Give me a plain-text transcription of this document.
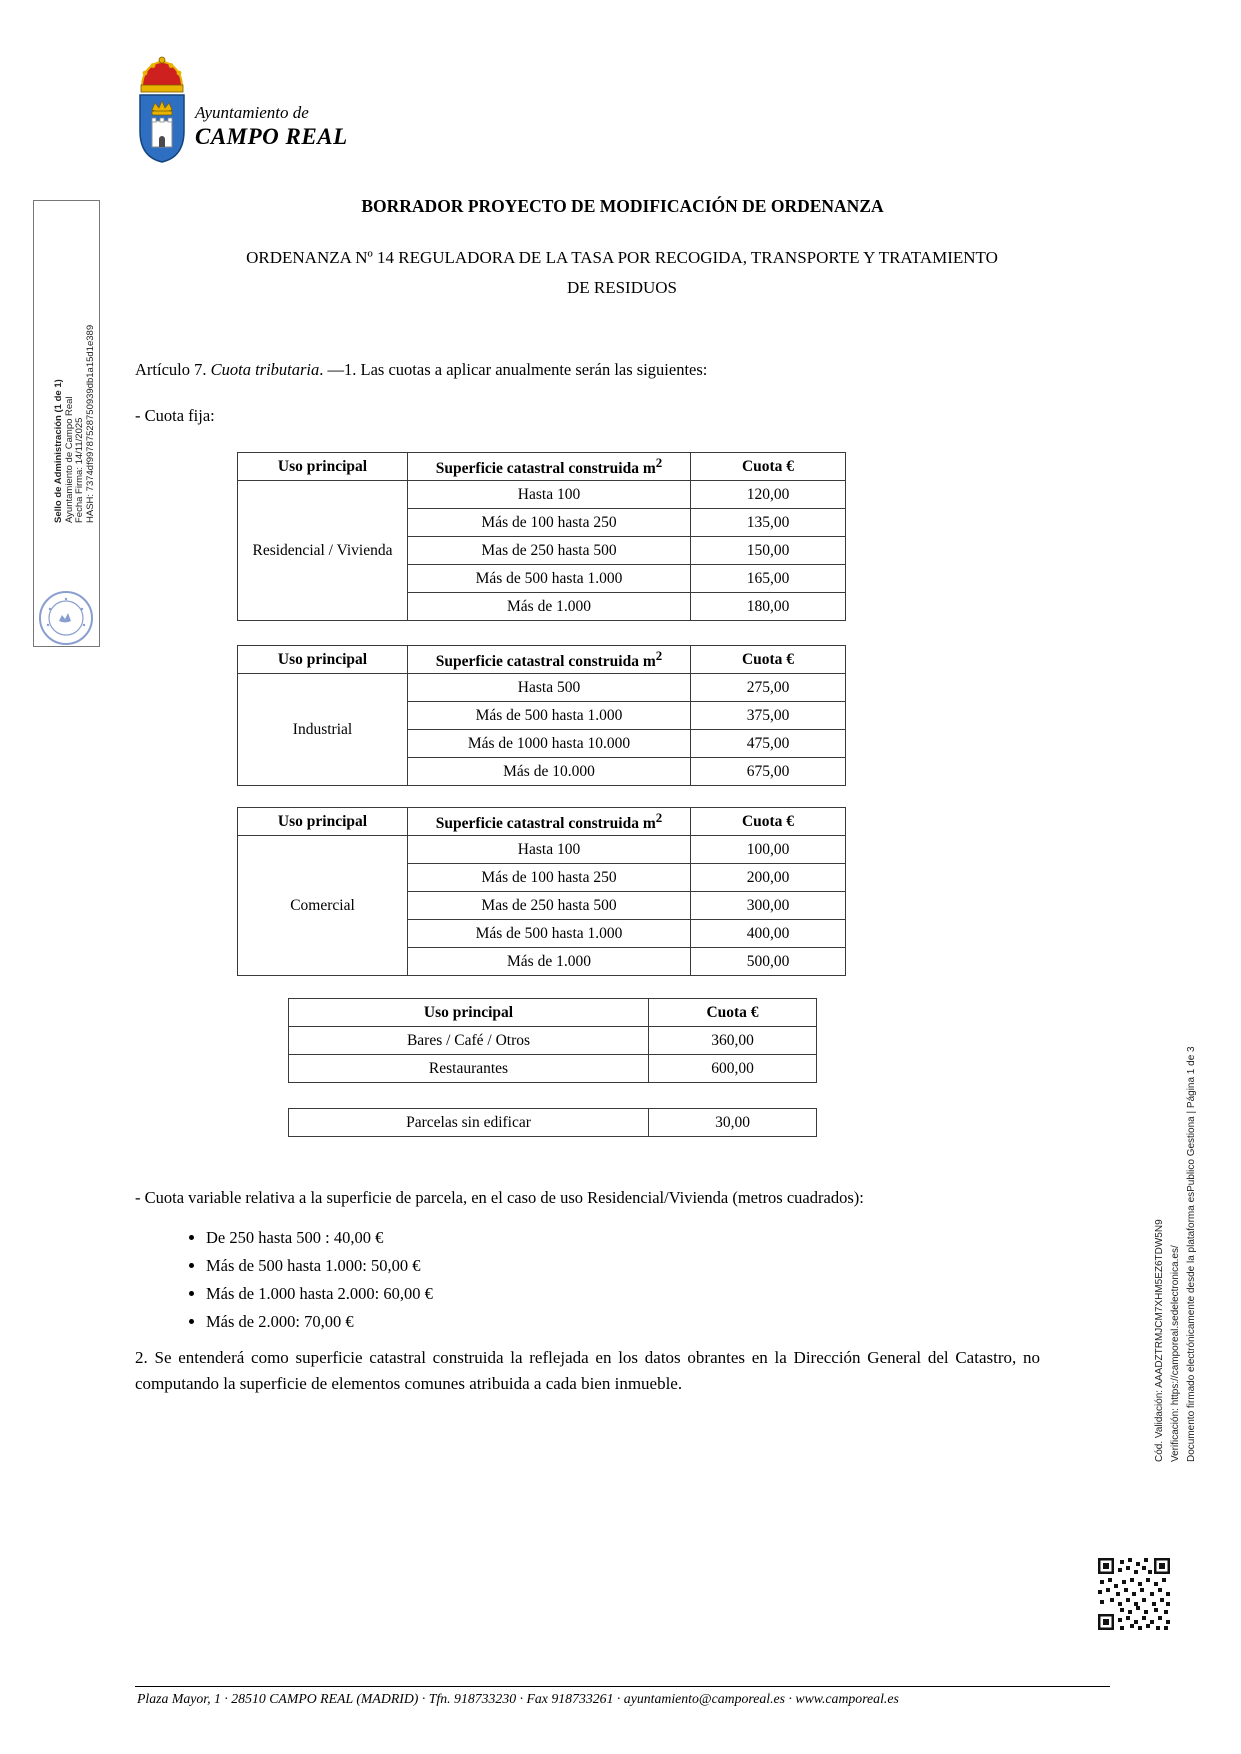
Ayuntamiento de
CAMPO REAL
BORRADOR PROYECTO DE MODIFICACIÓN DE ORDENANZA
ORDENANZA Nº 14 REGULADORA DE LA TASA POR RECOGIDA, TRANSPORTE Y TRATAMIENTO DE RESIDUOS
Artículo 7. Cuota tributaria. —1. Las cuotas a aplicar anualmente serán las siguientes:
- Cuota fija:
Uso principal	Superficie catastral construida $m^2$	Cuota €
Residencial / Vivienda	Hasta 100	120,00
	Más de 100 hasta 250	135,00
	Mas de 250 hasta 500	150,00
	Más de 500 hasta 1.000	165,00
	Más de 1.000	180,00
Uso principal	Superficie catastral construida $m^2$	Cuota €
Industrial	Hasta 500	275,00
	Más de 500 hasta 1.000	375,00
	Más de 1000 hasta 10.000	475,00
	Más de 10.000	675,00
Uso principal	Superficie catastral construida $m^2$	Cuota €
Comercial	Hasta 100	100,00
	Más de 100 hasta 250	200,00
	Mas de 250 hasta 500	300,00
	Más de 500 hasta 1.000	400,00
	Más de 1.000	500,00
Uso principal	Cuota €
Bares / Café / Otros	360,00
Restaurantes	600,00
Parcelas sin edificar	30,00
- Cuota variable relativa a la superficie de parcela, en el caso de uso Residencial/Vivienda (metros cuadrados):
• De 250 hasta 500 : 40,00 €
• Más de 500 hasta 1.000: 50,00 €
• Más de 1.000 hasta 2.000: 60,00 €
• Más de 2.000: 70,00 €
2. Se entenderá como superficie catastral construida la reflejada en los datos obrantes en la Dirección General del Catastro, no computando la superficie de elementos comunes atribuida a cada bien inmueble.
Plaza Mayor, 1 · 28510 CAMPO REAL (MADRID) · Tfn. 918733230 · Fax 918733261 · ayuntamiento@camporeal.es · www.camporeal.es
Sello de Administración (1 de 1) Ayuntamiento de Campo Real Fecha Firma: 14/11/2025 HASH: 7374df99787528750939db1a15d1e389
Cód. Validación: AAADZTRMJCM7XHM5EZ6TDW5N9 Verificación: https://camporeal.sedelectronica.es/ Documento firmado electrónicamente desde la plataforma esPublico Gestiona | Página 1 de 3
